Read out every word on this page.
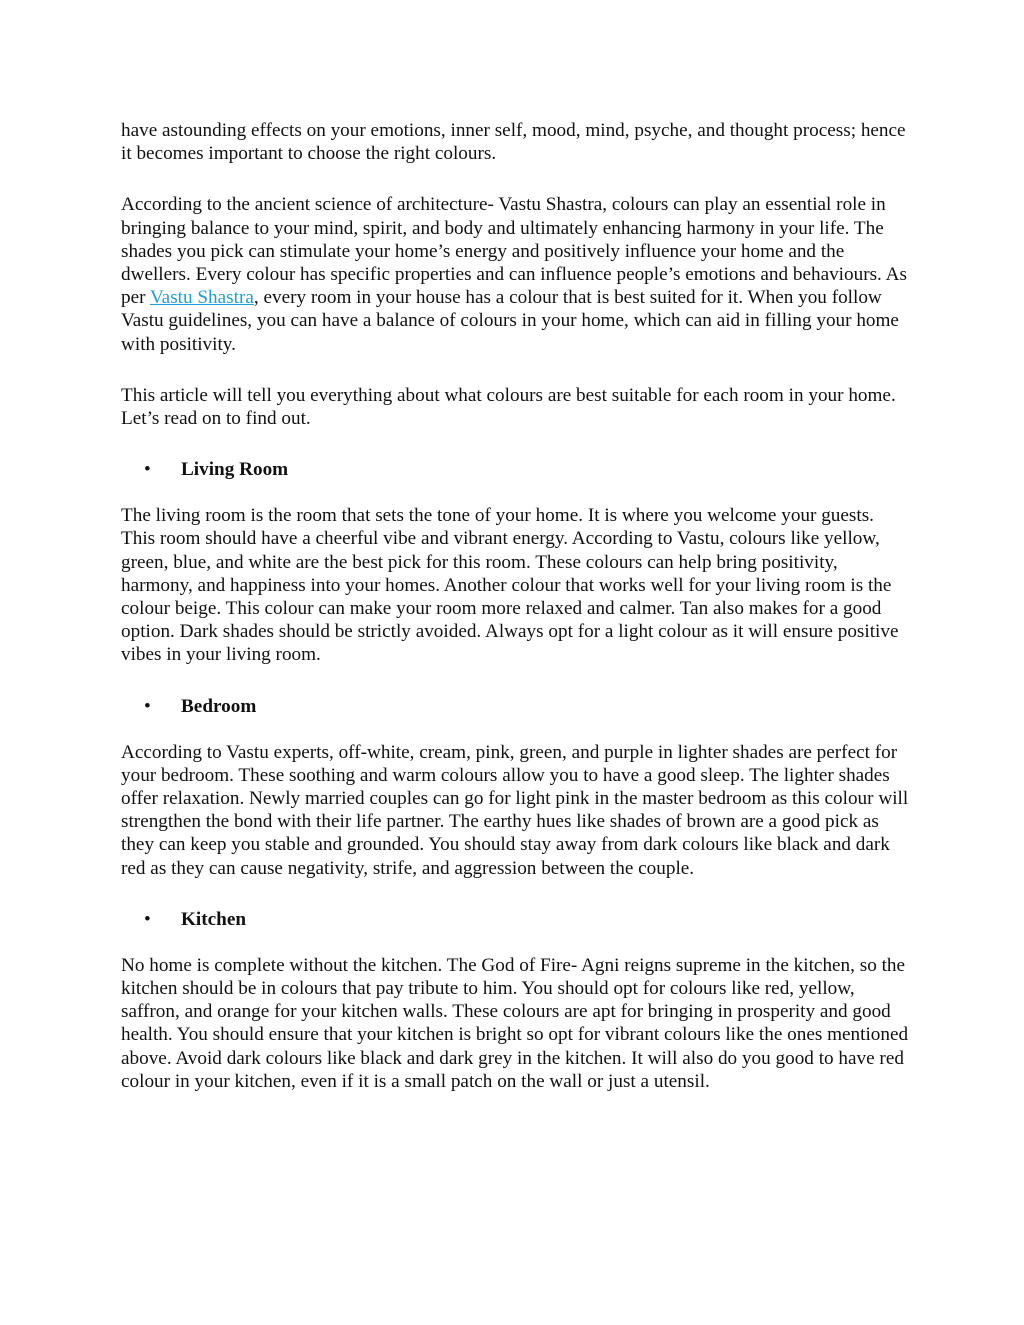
have astounding effects on your emotions, inner self, mood, mind, psyche, and thought process; hence it becomes important to choose the right colours.

According to the ancient science of architecture- Vastu Shastra, colours can play an essential role in bringing balance to your mind, spirit, and body and ultimately enhancing harmony in your life. The shades you pick can stimulate your home’s energy and positively influence your home and the dwellers. Every colour has specific properties and can influence people’s emotions and behaviours. As per Vastu Shastra, every room in your house has a colour that is best suited for it. When you follow Vastu guidelines, you can have a balance of colours in your home, which can aid in filling your home with positivity.

This article will tell you everything about what colours are best suitable for each room in your home. Let’s read on to find out.

• Living Room

The living room is the room that sets the tone of your home. It is where you welcome your guests. This room should have a cheerful vibe and vibrant energy. According to Vastu, colours like yellow, green, blue, and white are the best pick for this room. These colours can help bring positivity, harmony, and happiness into your homes. Another colour that works well for your living room is the colour beige. This colour can make your room more relaxed and calmer. Tan also makes for a good option. Dark shades should be strictly avoided. Always opt for a light colour as it will ensure positive vibes in your living room.

• Bedroom

According to Vastu experts, off-white, cream, pink, green, and purple in lighter shades are perfect for your bedroom. These soothing and warm colours allow you to have a good sleep. The lighter shades offer relaxation. Newly married couples can go for light pink in the master bedroom as this colour will strengthen the bond with their life partner. The earthy hues like shades of brown are a good pick as they can keep you stable and grounded. You should stay away from dark colours like black and dark red as they can cause negativity, strife, and aggression between the couple.

• Kitchen

No home is complete without the kitchen. The God of Fire- Agni reigns supreme in the kitchen, so the kitchen should be in colours that pay tribute to him. You should opt for colours like red, yellow, saffron, and orange for your kitchen walls. These colours are apt for bringing in prosperity and good health. You should ensure that your kitchen is bright so opt for vibrant colours like the ones mentioned above. Avoid dark colours like black and dark grey in the kitchen. It will also do you good to have red colour in your kitchen, even if it is a small patch on the wall or just a utensil.
